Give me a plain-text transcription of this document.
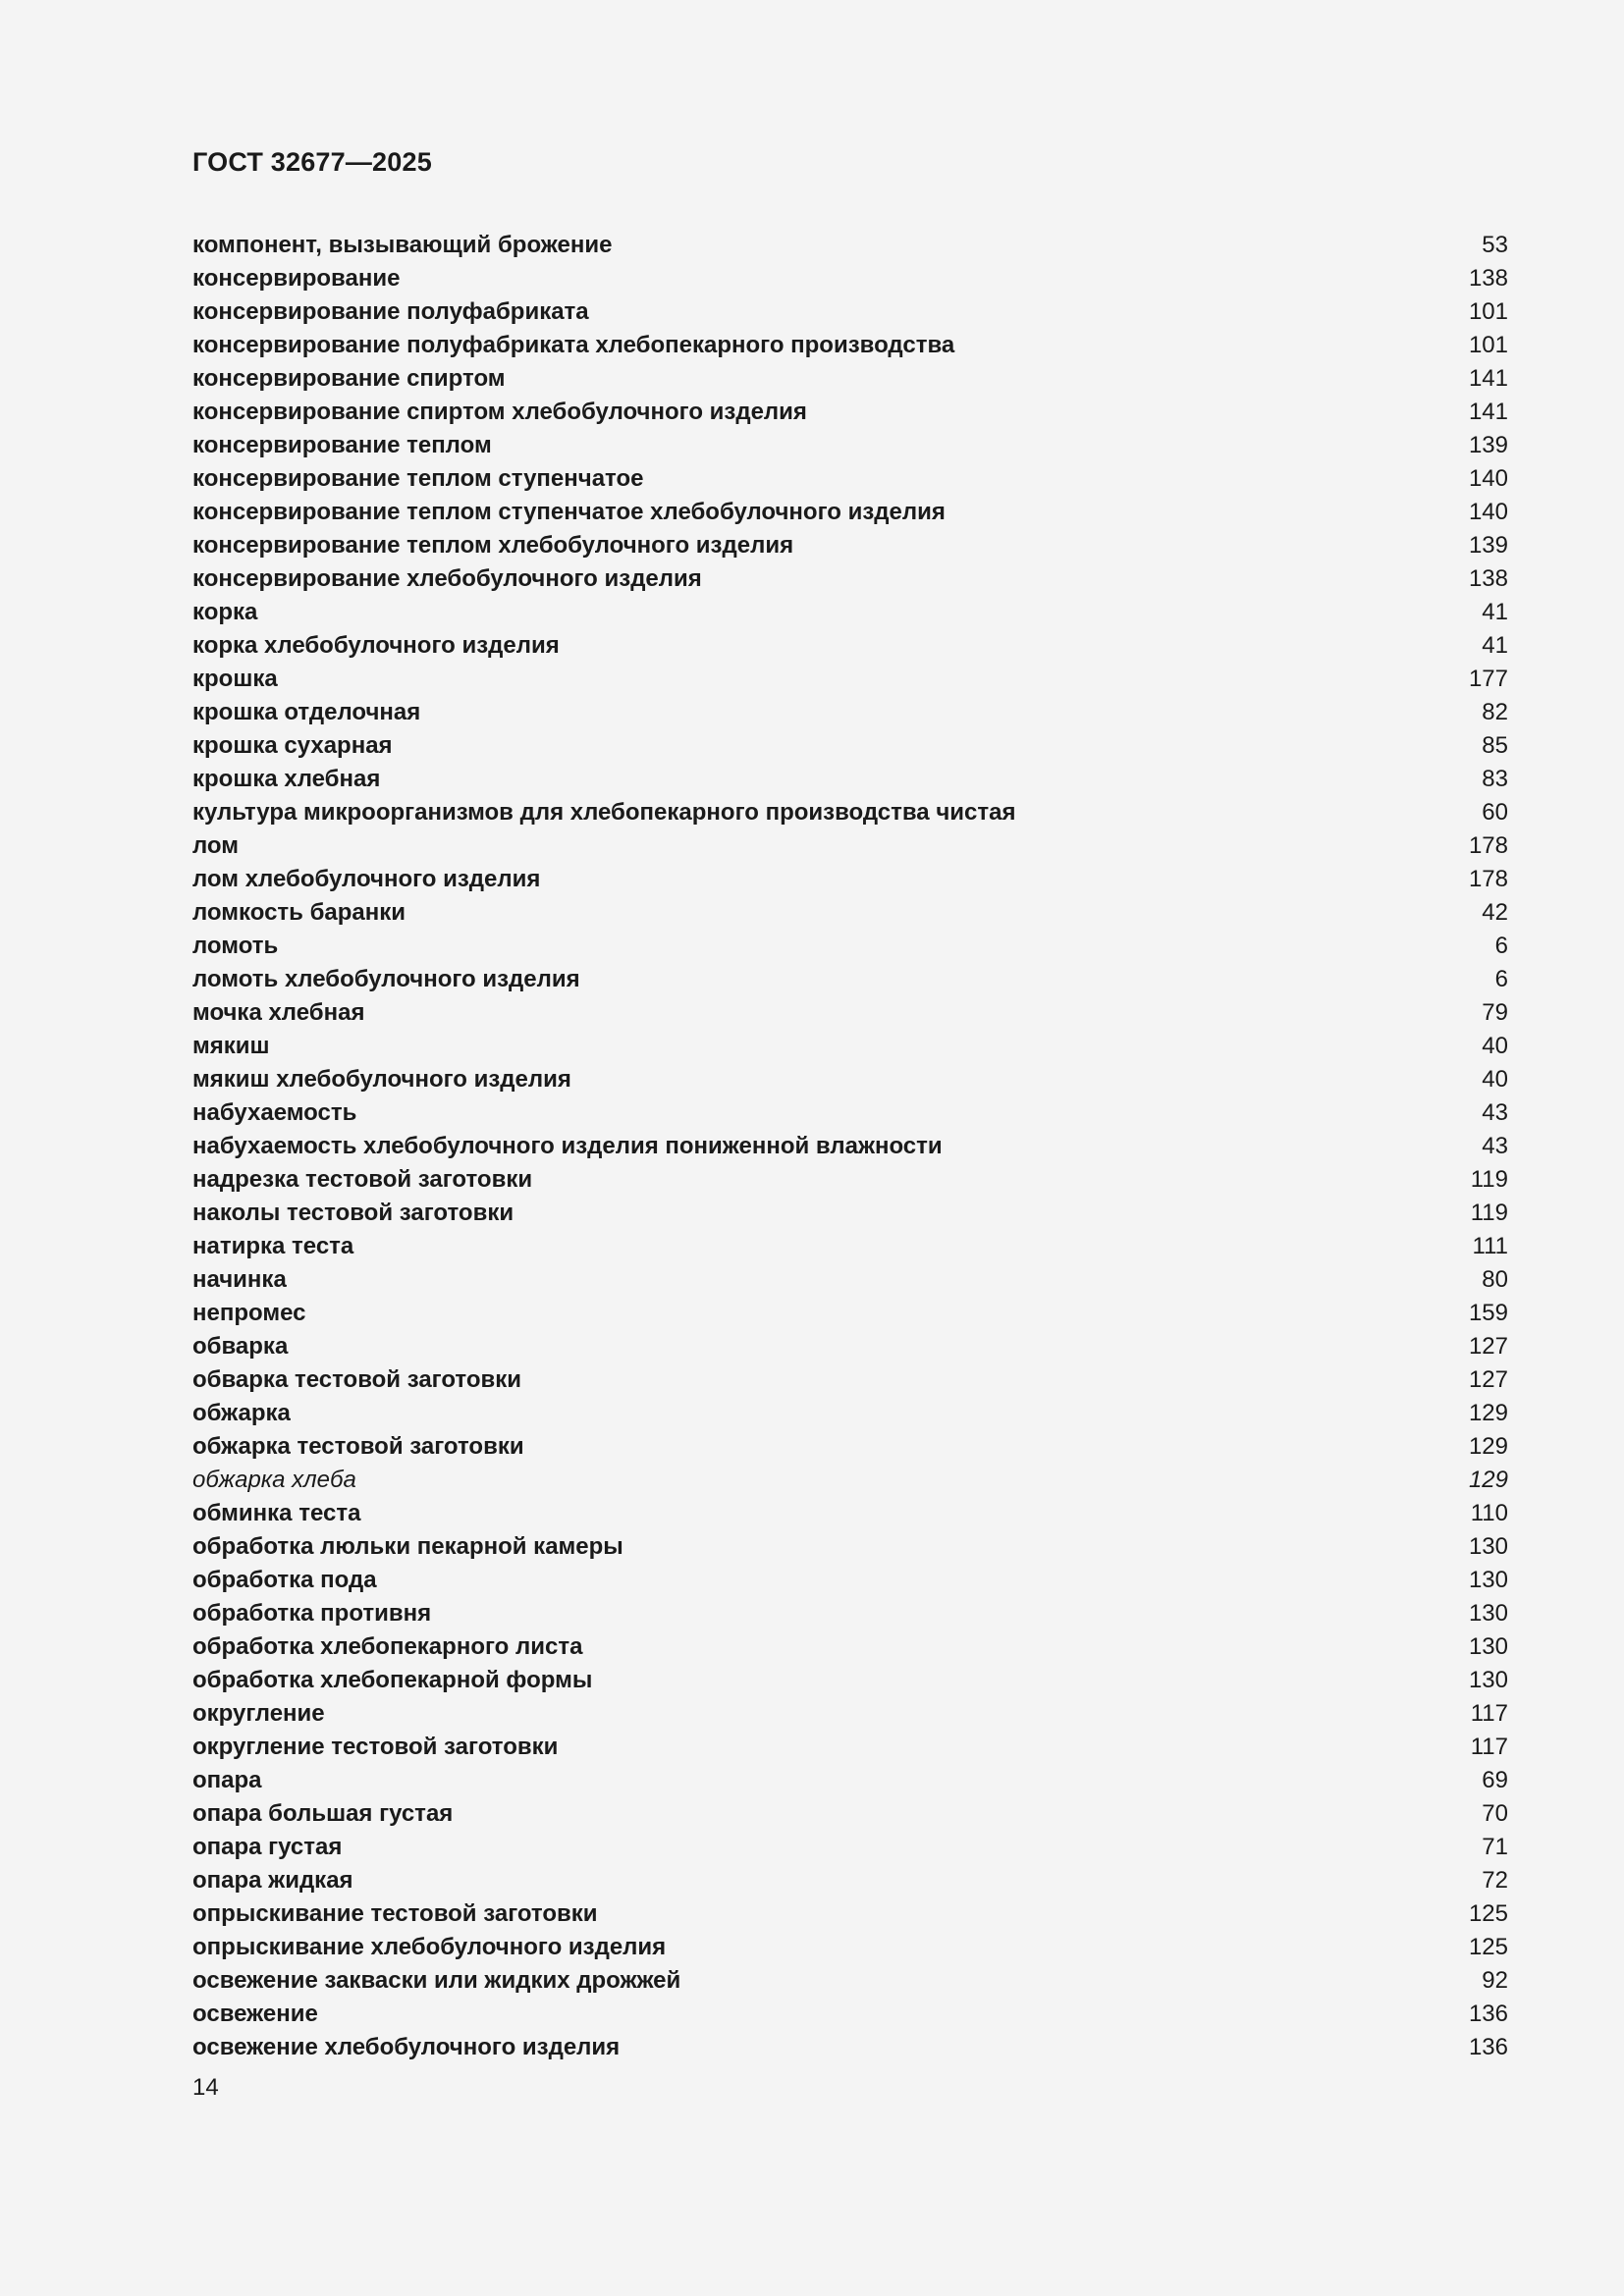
ГОСТ 32677—2025
компонент, вызывающий брожение	53
консервирование	138
консервирование полуфабриката	101
консервирование полуфабриката хлебопекарного производства	101
консервирование спиртом	141
консервирование спиртом хлебобулочного изделия	141
консервирование теплом	139
консервирование теплом ступенчатое	140
консервирование теплом ступенчатое хлебобулочного изделия	140
консервирование теплом хлебобулочного изделия	139
консервирование хлебобулочного изделия	138
корка	41
корка хлебобулочного изделия	41
крошка	177
крошка отделочная	82
крошка сухарная	85
крошка хлебная	83
культура микроорганизмов для хлебопекарного производства чистая	60
лом	178
лом хлебобулочного изделия	178
ломкость баранки	42
ломоть	6
ломоть хлебобулочного изделия	6
мочка хлебная	79
мякиш	40
мякиш хлебобулочного изделия	40
набухаемость	43
набухаемость хлебобулочного изделия пониженной влажности	43
надрезка тестовой заготовки	119
наколы тестовой заготовки	119
натирка теста	111
начинка	80
непромес	159
обварка	127
обварка тестовой заготовки	127
обжарка	129
обжарка тестовой заготовки	129
обжарка хлеба	129
обминка теста	110
обработка люльки пекарной камеры	130
обработка пода	130
обработка противня	130
обработка хлебопекарного листа	130
обработка хлебопекарной формы	130
округление	117
округление тестовой заготовки	117
опара	69
опара большая густая	70
опара густая	71
опара жидкая	72
опрыскивание тестовой заготовки	125
опрыскивание хлебобулочного изделия	125
освежение закваски или жидких дрожжей	92
освежение	136
освежение хлебобулочного изделия	136
14
